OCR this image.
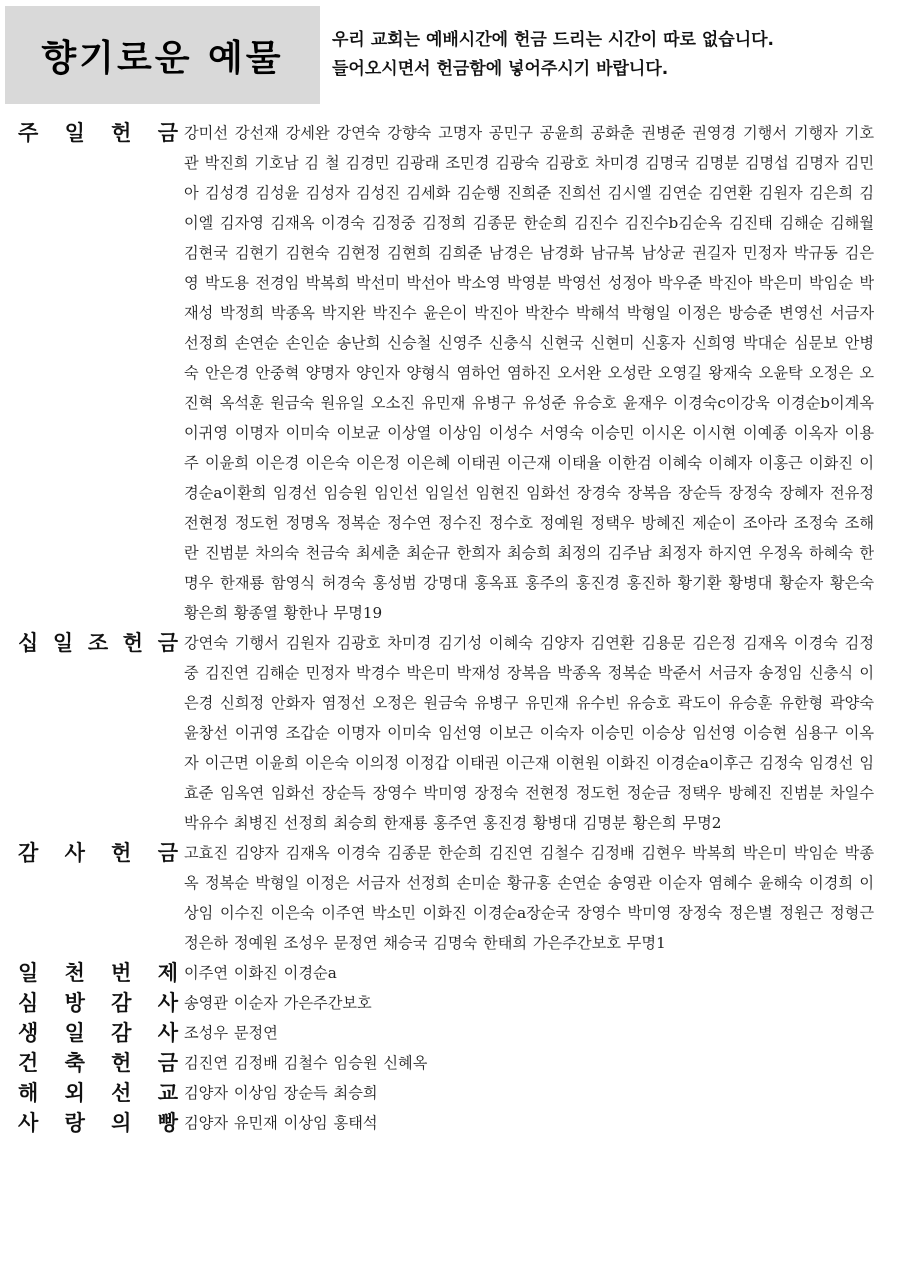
향기로운 예물	우리 교회는 예배시간에 헌금 드리는 시간이 따로 없습니다.
들어오시면서 헌금함에 넣어주시기 바랍니다.
주 일 헌 금 강미선 강선재 강세완 강연숙 강향숙 고명자 공민구 공윤희 공화춘 권병준 권영경 기행서 기행자 기호관 박진희 기호남 김 철 김경민 김광래 조민경 김광숙 김광호 차미경 김명국 김명분 김명섭 김명자 김민아 김성경 김성윤 김성자 김성진 김세화 김순행 진희준 진희선 김시엘 김연순 김연환 김원자 김은희 김이엘 김자영 김재옥 이경숙 김정중 김정희 김종문 한순희 김진수 김진수b김순옥 김진태 김해순 김해월 김현국 김현기 김현숙 김현정 김현희 김희준 남경은 남경화 남규복 남상균 권길자 민정자 박규동 김은영 박도용 전경임 박복희 박선미 박선아 박소영 박영분 박영선 성정아 박우준 박진아 박은미 박임순 박재성 박정희 박종옥 박지완 박진수 윤은이 박진아 박찬수 박해석 박형일 이정은 방승준 변영선 서금자 선정희 손연순 손인순 송난희 신승철 신영주 신충식 신현국 신현미 신홍자 신희영 박대순 심문보 안병숙 안은경 안중혁 양명자 양인자 양형식 염하언 염하진 오서완 오성란 오영길 왕재숙 오윤탁 오정은 오진혁 옥석훈 원금숙 원유일 오소진 유민재 유병구 유성준 유승호 윤재우 이경숙c이강욱 이경순b이계옥 이귀영 이명자 이미숙 이보균 이상열 이상임 이성수 서영숙 이승민 이시온 이시현 이예종 이옥자 이용주 이윤희 이은경 이은숙 이은정 이은혜 이태권 이근재 이태율 이한검 이혜숙 이혜자 이홍근 이화진 이경순a이환희 임경선 임승원 임인선 임일선 임현진 임화선 장경숙 장복음 장순득 장정숙 장혜자 전유정 전현정 정도헌 정명옥 정복순 정수연 정수진 정수호 정예원 정택우 방혜진 제순이 조아라 조정숙 조해란 진범분 차의숙 천금숙 최세춘 최순규 한희자 최승희 최정의 김주남 최정자 하지연 우정옥 하혜숙 한명우 한재룡 함영식 허경숙 홍성범 강명대 홍옥표 홍주의 홍진경 홍진하 황기환 황병대 황순자 황은숙 황은희 황종열 황한나 무명19
십 일 조 헌 금 강연숙 기행서 김원자 김광호 차미경 김기성 이혜숙 김양자 김연환 김용문 김은정 김재옥 이경숙 김정중 김진연 김해순 민정자 박경수 박은미 박재성 장복음 박종옥 정복순 박준서 서금자 송정임 신충식 이은경 신희정 안화자 염정선 오정은 원금숙 유병구 유민재 유수빈 유승호 곽도이 유승훈 유한형 곽양숙 윤창선 이귀영 조갑순 이명자 이미숙 임선영 이보근 이숙자 이승민 이승상 임선영 이승현 심용구 이옥자 이근면 이윤희 이은숙 이의정 이정갑 이태권 이근재 이현원 이화진 이경순a이후근 김정숙 임경선 임효준 임옥연 임화선 장순득 장영수 박미영 장정숙 전현정 정도헌 정순금 정택우 방혜진 진범분 차일수 박유수 최병진 선정희 최승희 한재룡 홍주연 홍진경 황병대 김명분 황은희 무명2
감 사 헌 금 고효진 김양자 김재옥 이경숙 김종문 한순희 김진연 김철수 김정배 김현우 박복희 박은미 박임순 박종옥 정복순 박형일 이정은 서금자 선정희 손미순 황규홍 손연순 송영관 이순자 염혜수 윤해숙 이경희 이상임 이수진 이은숙 이주연 박소민 이화진 이경순a장순국 장영수 박미영 장정숙 정은별 정원근 정형근 정은하 정예원 조성우 문정연 채승국 김명숙 한태희 가은주간보호 무명1
일 천 번 제 이주연 이화진 이경순a
심 방 감 사 송영관 이순자 가은주간보호
생 일 감 사 조성우 문정연
건 축 헌 금 김진연 김정배 김철수 임승원 신혜옥
해 외 선 교 김양자 이상임 장순득 최승희
사 랑 의 빵 김양자 유민재 이상임 홍태석
